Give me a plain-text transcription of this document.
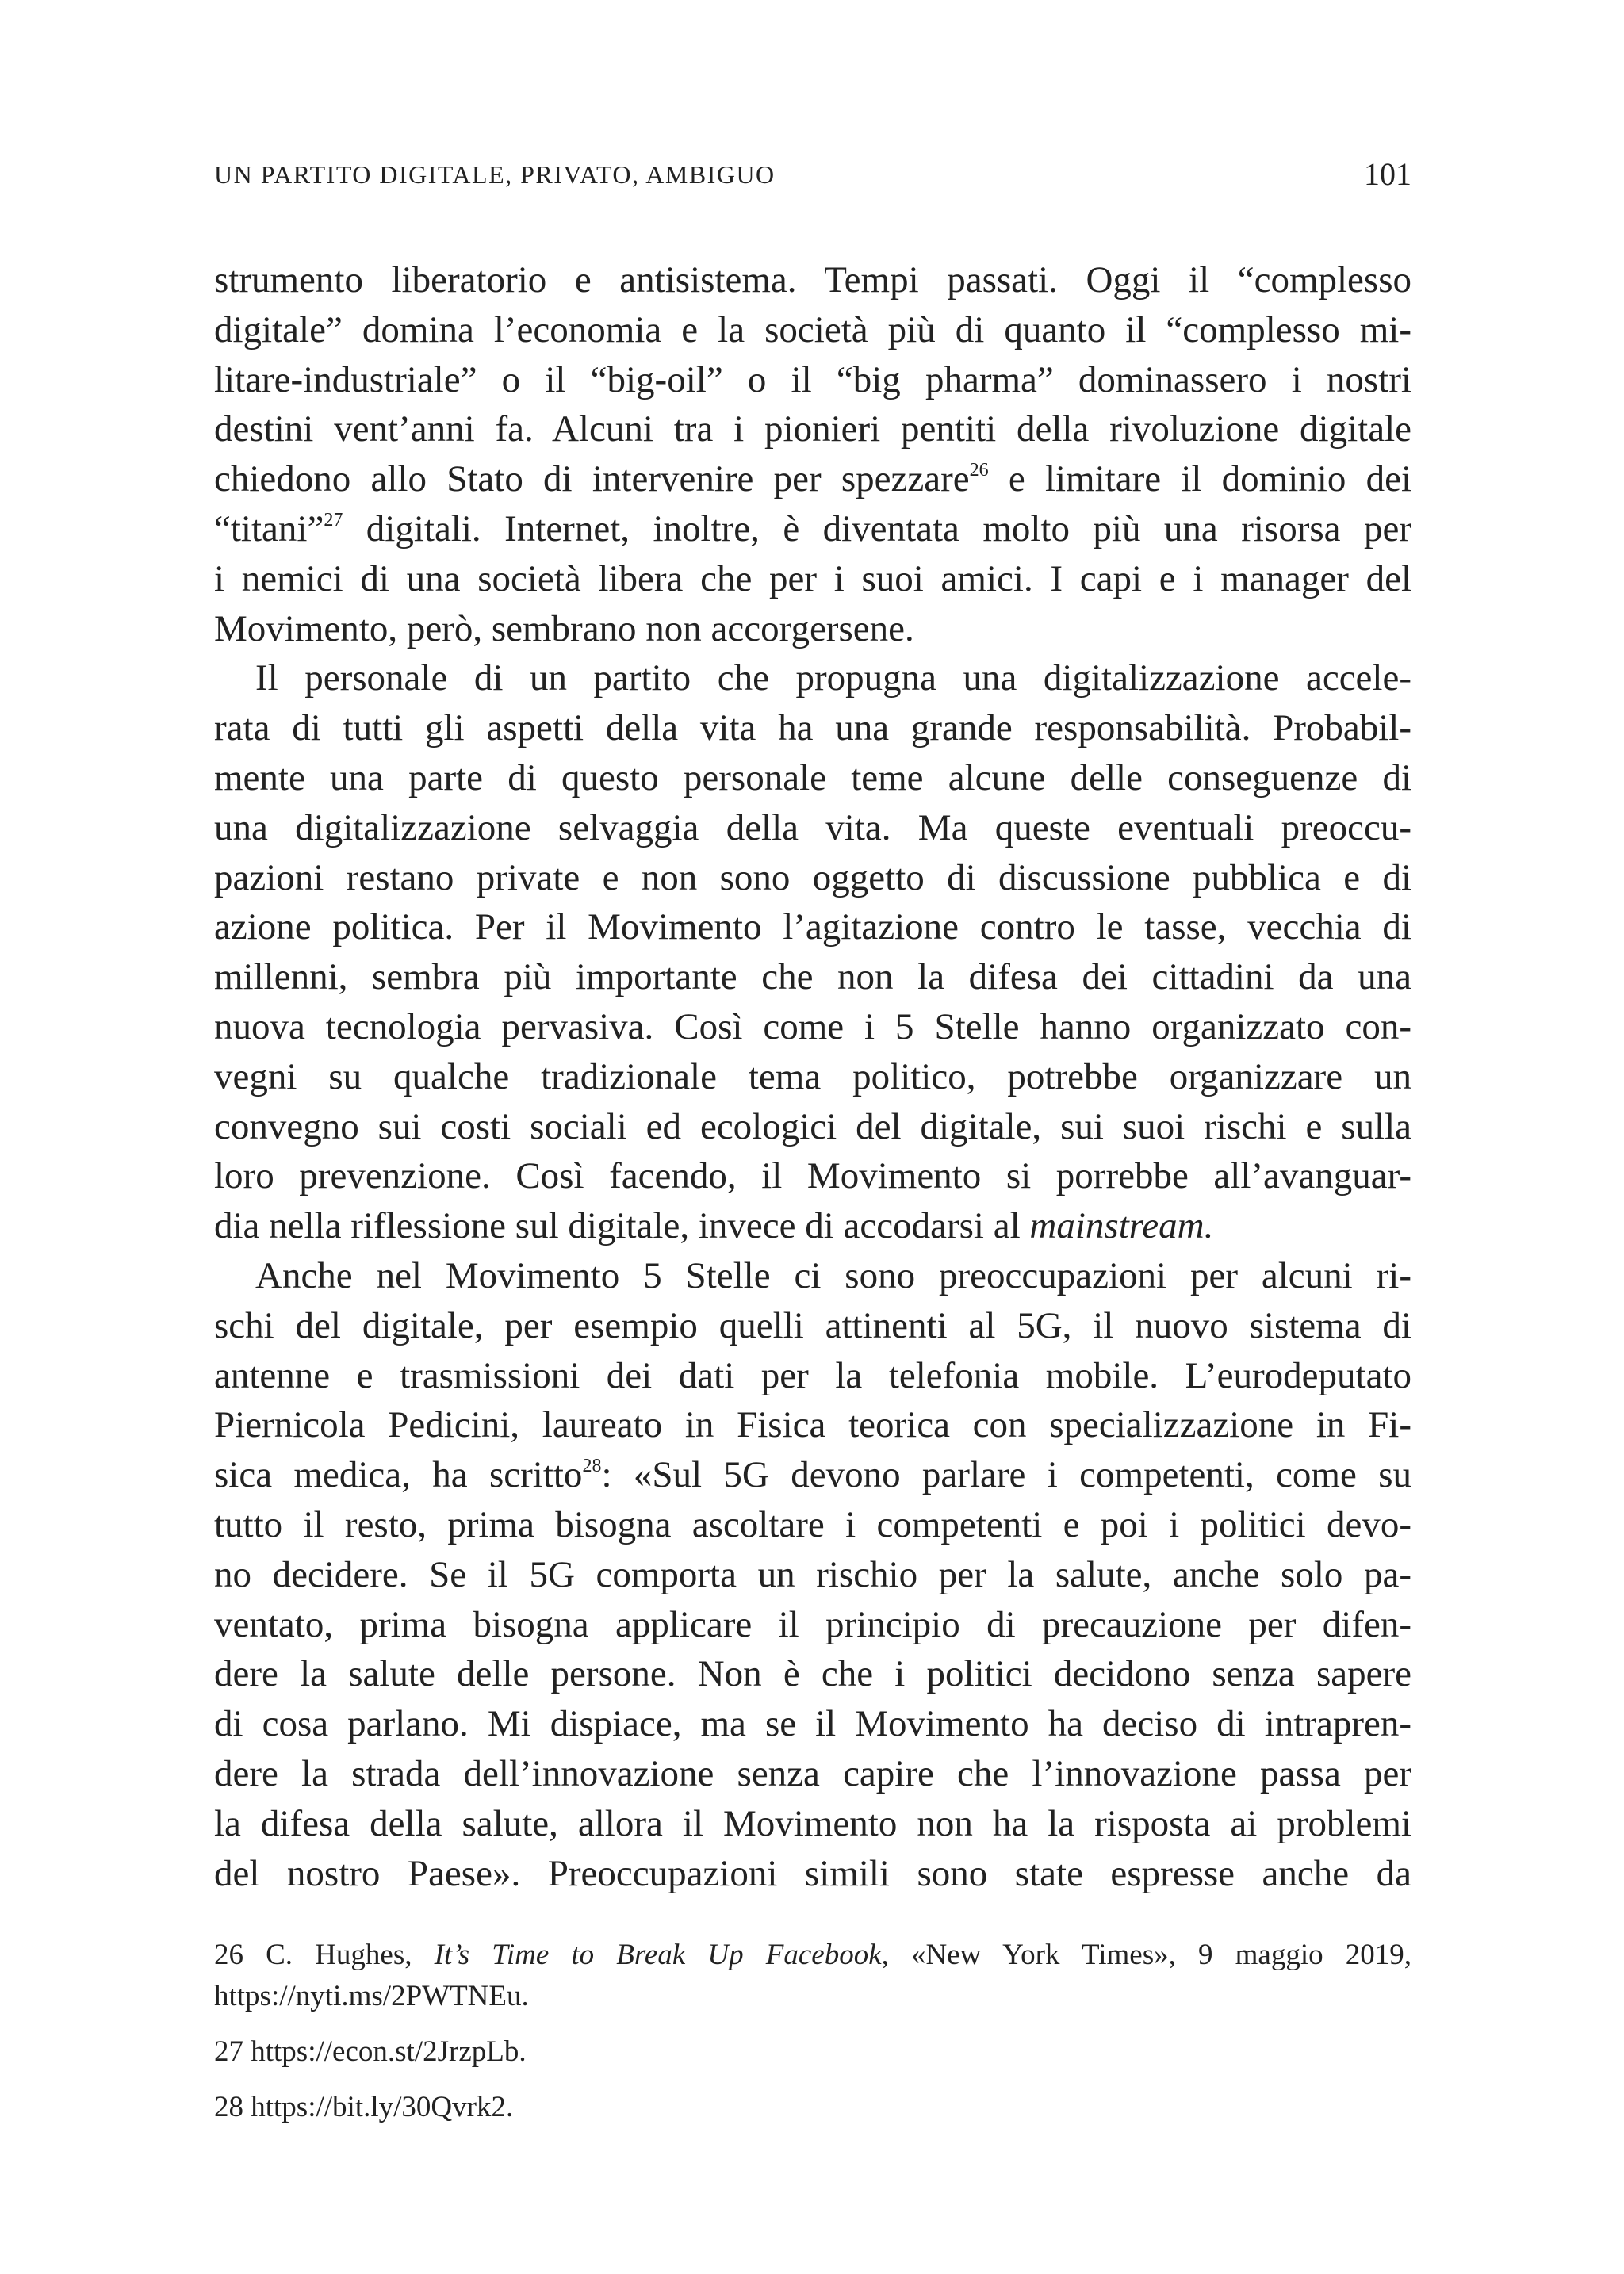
UN PARTITO DIGITALE, PRIVATO, AMBIGUO	101
strumento liberatorio e antisistema. Tempi passati. Oggi il “complesso
digitale” domina l’economia e la società più di quanto il “complesso mi-
litare-industriale” o il “big-oil” o il “big pharma” dominassero i nostri
destini vent’anni fa. Alcuni tra i pionieri pentiti della rivoluzione digitale
chiedono allo Stato di intervenire per spezzare$^{26}$ e limitare il dominio dei
“titani”$^{27}$ digitali. Internet, inoltre, è diventata molto più una risorsa per
i nemici di una società libera che per i suoi amici. I capi e i manager del
Movimento, però, sembrano non accorgersene.
Il personale di un partito che propugna una digitalizzazione accele-
rata di tutti gli aspetti della vita ha una grande responsabilità. Probabil-
mente una parte di questo personale teme alcune delle conseguenze di
una digitalizzazione selvaggia della vita. Ma queste eventuali preoccu-
pazioni restano private e non sono oggetto di discussione pubblica e di
azione politica. Per il Movimento l’agitazione contro le tasse, vecchia di
millenni, sembra più importante che non la difesa dei cittadini da una
nuova tecnologia pervasiva. Così come i 5 Stelle hanno organizzato con-
vegni su qualche tradizionale tema politico, potrebbe organizzare un
convegno sui costi sociali ed ecologici del digitale, sui suoi rischi e sulla
loro prevenzione. Così facendo, il Movimento si porrebbe all’avanguar-
dia nella riflessione sul digitale, invece di accodarsi al mainstream.
Anche nel Movimento 5 Stelle ci sono preoccupazioni per alcuni ri-
schi del digitale, per esempio quelli attinenti al 5G, il nuovo sistema di
antenne e trasmissioni dei dati per la telefonia mobile. L’eurodeputato
Piernicola Pedicini, laureato in Fisica teorica con specializzazione in Fi-
sica medica, ha scritto$^{28}$: «Sul 5G devono parlare i competenti, come su
tutto il resto, prima bisogna ascoltare i competenti e poi i politici devo-
no decidere. Se il 5G comporta un rischio per la salute, anche solo pa-
ventato, prima bisogna applicare il principio di precauzione per difen-
dere la salute delle persone. Non è che i politici decidono senza sapere
di cosa parlano. Mi dispiace, ma se il Movimento ha deciso di intrapren-
dere la strada dell’innovazione senza capire che l’innovazione passa per
la difesa della salute, allora il Movimento non ha la risposta ai problemi
del nostro Paese». Preoccupazioni simili sono state espresse anche da
26 C. Hughes, It’s Time to Break Up Facebook, «New York Times», 9 maggio 2019,
https://nyti.ms/2PWTNEu.
27 https://econ.st/2JrzpLb.
28 https://bit.ly/30Qvrk2.
